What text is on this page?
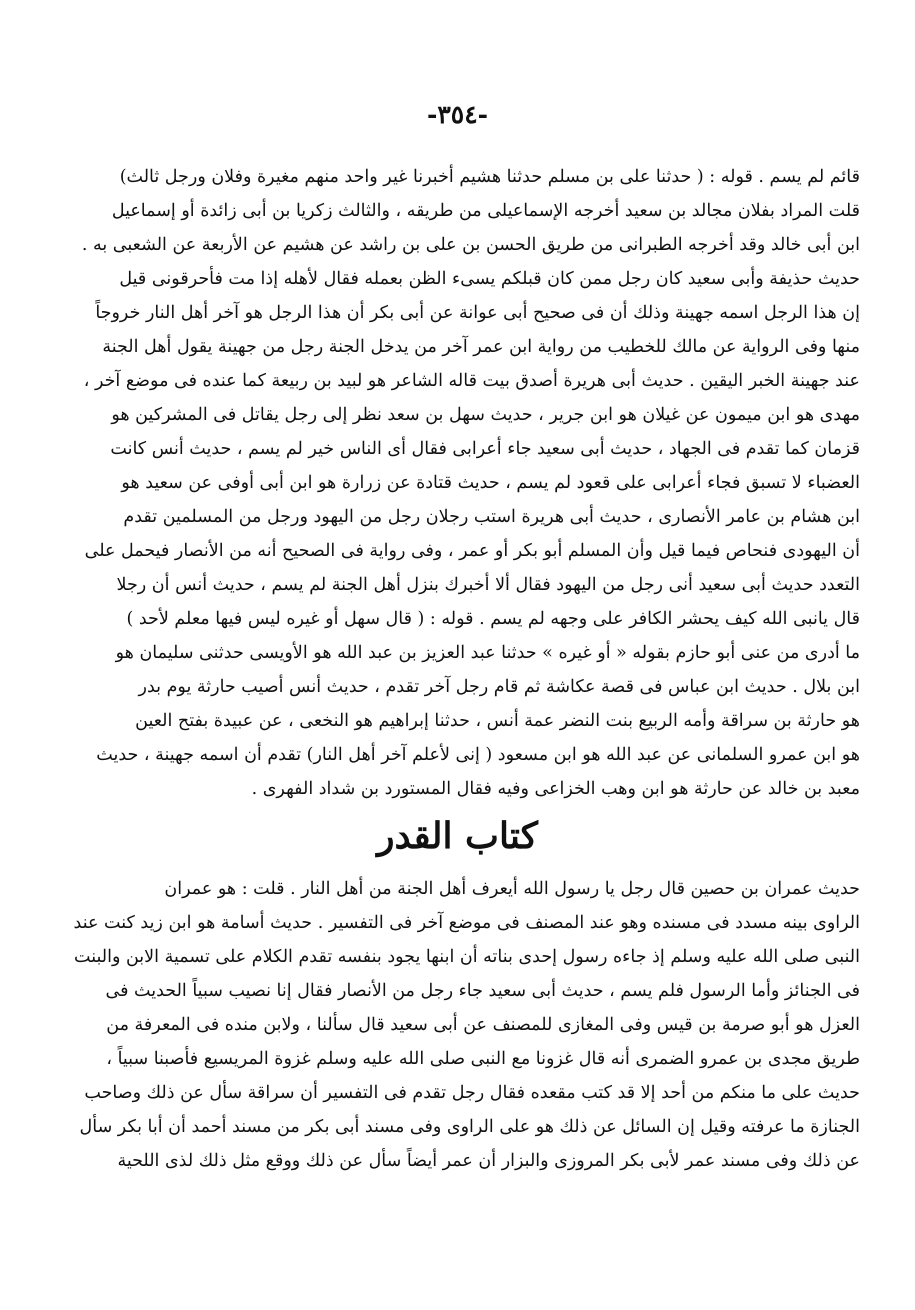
-٣٥٤-
قائم لم يسم . قوله : ( حدثنا على بن مسلم حدثنا هشيم أخبرنا غير واحد منهم مغيرة وفلان ورجل ثالث)
قلت المراد بفلان مجالد بن سعيد أخرجه الإسماعيلى من طريقه ، والثالث زكريا بن أبى زائدة أو إسماعيل
ابن أبى خالد وقد أخرجه الطبرانى من طريق الحسن بن على بن راشد عن هشيم عن الأربعة عن الشعبى به .
حديث حذيفة وأبى سعيد كان رجل ممن كان قبلكم يسىء الظن بعمله فقال لأهله إذا مت فأحرقونى قيل
إن هذا الرجل اسمه جهينة وذلك أن فى صحيح أبى عوانة عن أبى بكر أن هذا الرجل هو آخر أهل النار خروجاً
منها وفى الرواية عن مالك للخطيب من رواية ابن عمر آخر من يدخل الجنة رجل من جهينة يقول أهل الجنة
عند جهينة الخبر اليقين . حديث أبى هريرة أصدق بيت قاله الشاعر هو لبيد بن ربيعة كما عنده فى موضع آخر ،
مهدى هو ابن ميمون عن غيلان هو ابن جرير ، حديث سهل بن سعد نظر إلى رجل يقاتل فى المشركين هو
قزمان كما تقدم فى الجهاد ، حديث أبى سعيد جاء أعرابى فقال أى الناس خير لم يسم ، حديث أنس كانت
العضباء لا تسبق فجاء أعرابى على قعود لم يسم ، حديث قتادة عن زرارة هو ابن أبى أوفى عن سعيد هو
ابن هشام بن عامر الأنصارى ، حديث أبى هريرة استب رجلان رجل من اليهود ورجل من المسلمين تقدم
أن اليهودى فنحاص فيما قيل وأن المسلم أبو بكر أو عمر ، وفى رواية فى الصحيح أنه من الأنصار فيحمل على
التعدد حديث أبى سعيد أنى رجل من اليهود فقال ألا أخبرك بنزل أهل الجنة لم يسم ، حديث أنس أن رجلا
قال يانبى الله كيف يحشر الكافر على وجهه لم يسم . قوله : ( قال سهل أو غيره ليس فيها معلم لأحد )
ما أدرى من عنى أبو حازم بقوله « أو غيره » حدثنا عبد العزيز بن عبد الله هو الأويسى حدثنى سليمان هو
ابن بلال . حديث ابن عباس فى قصة عكاشة ثم قام رجل آخر تقدم ، حديث أنس أصيب حارثة يوم بدر
هو حارثة بن سراقة وأمه الربيع بنت النضر عمة أنس ، حدثنا إبراهيم هو النخعى ، عن عبيدة بفتح العين
هو ابن عمرو السلمانى عن عبد الله هو ابن مسعود ( إنى لأعلم آخر أهل النار) تقدم أن اسمه جهينة ، حديث
معبد بن خالد عن حارثة هو ابن وهب الخزاعى وفيه فقال المستورد بن شداد الفهرى .
كتاب القدر
حديث عمران بن حصين قال رجل يا رسول الله أيعرف أهل الجنة من أهل النار . قلت : هو عمران
الراوى بينه مسدد فى مسنده وهو عند المصنف فى موضع آخر فى التفسير . حديث أسامة هو ابن زيد كنت عند
النبى صلى الله عليه وسلم إذ جاءه رسول إحدى بناته أن ابنها يجود بنفسه تقدم الكلام على تسمية الابن والبنت
فى الجنائز وأما الرسول فلم يسم ، حديث أبى سعيد جاء رجل من الأنصار فقال إنا نصيب سبياً الحديث فى
العزل هو أبو صرمة بن قيس وفى المغازى للمصنف عن أبى سعيد قال سألنا ، ولابن منده فى المعرفة من
طريق مجدى بن عمرو الضمرى أنه قال غزونا مع النبى صلى الله عليه وسلم غزوة المريسيع فأصبنا سبياً ،
حديث على ما منكم من أحد إلا قد كتب مقعده فقال رجل تقدم فى التفسير أن سراقة سأل عن ذلك وصاحب
الجنازة ما عرفته وقيل إن السائل عن ذلك هو على الراوى وفى مسند أبى بكر من مسند أحمد أن أبا بكر سأل
عن ذلك وفى مسند عمر لأبى بكر المروزى والبزار أن عمر أيضاً سأل عن ذلك ووقع مثل ذلك لذى اللحية
